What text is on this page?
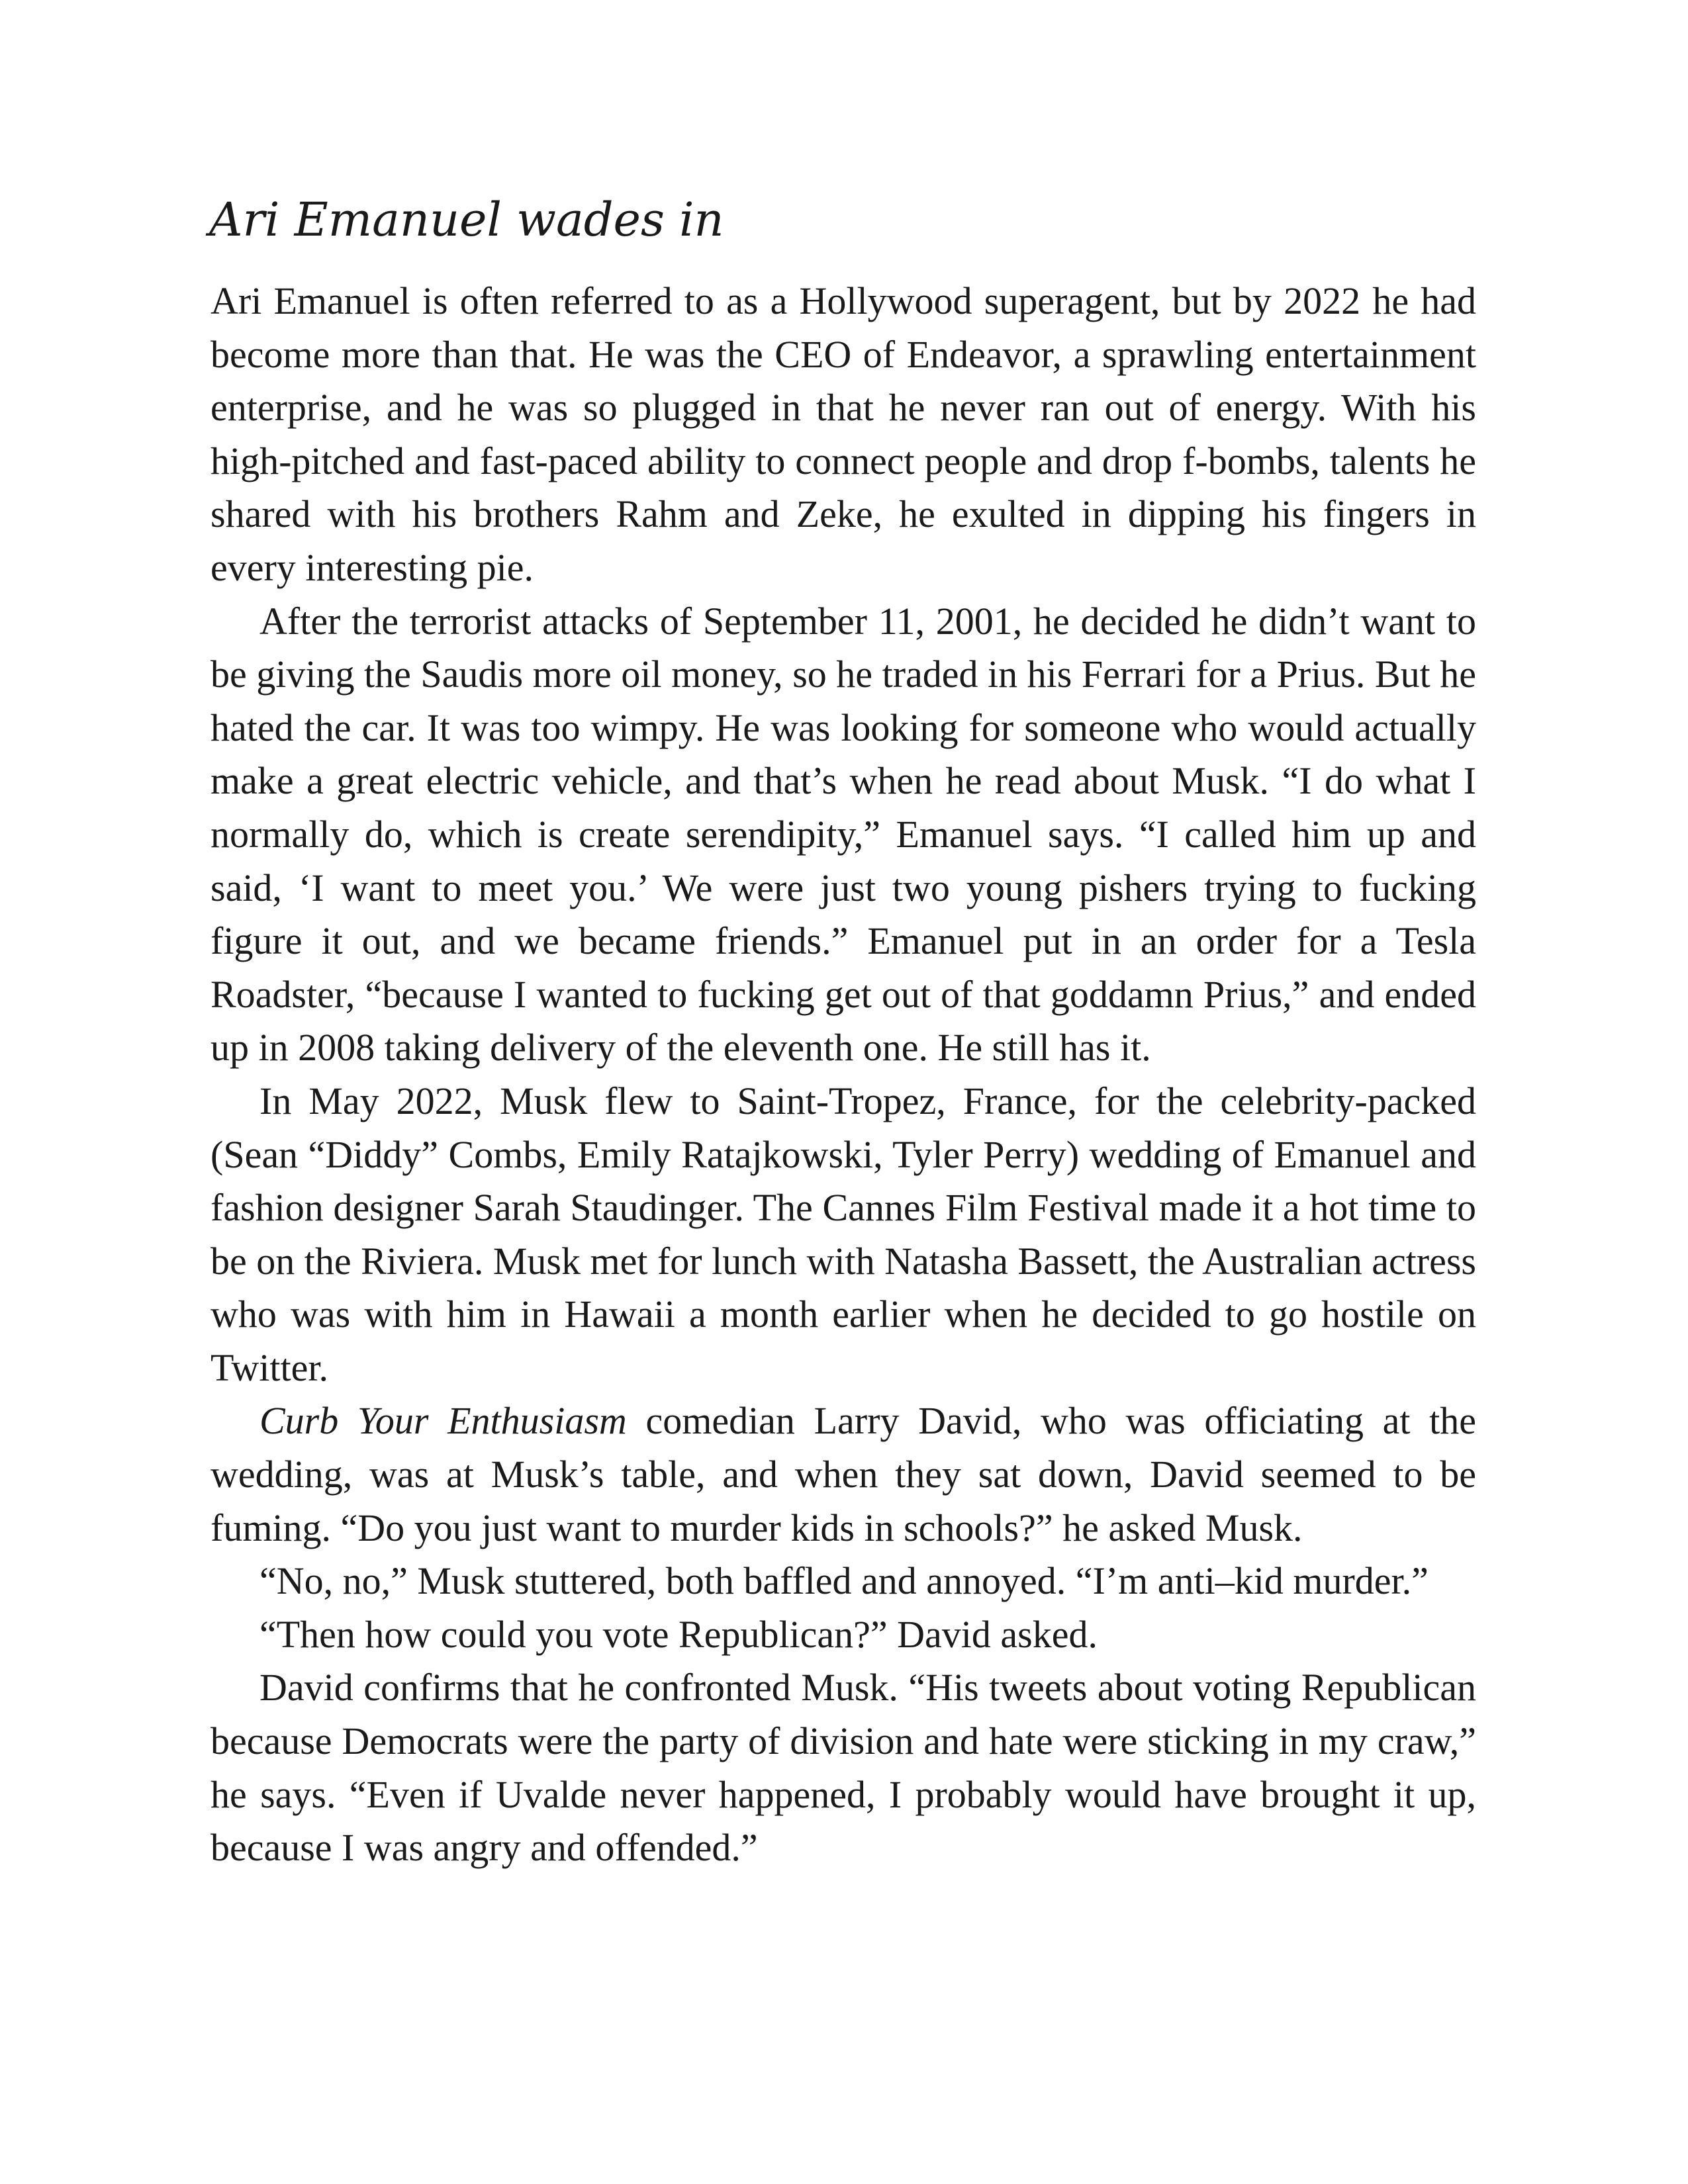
Ari Emanuel wades in

Ari Emanuel is often referred to as a Hollywood superagent, but by 2022 he had become more than that. He was the CEO of Endeavor, a sprawling entertainment enterprise, and he was so plugged in that he never ran out of energy. With his high-pitched and fast-paced ability to connect people and drop f-bombs, talents he shared with his brothers Rahm and Zeke, he exulted in dipping his fingers in every interesting pie.

After the terrorist attacks of September 11, 2001, he decided he didn’t want to be giving the Saudis more oil money, so he traded in his Ferrari for a Prius. But he hated the car. It was too wimpy. He was looking for someone who would actually make a great electric vehicle, and that’s when he read about Musk. “I do what I normally do, which is create serendipity,” Emanuel says. “I called him up and said, ‘I want to meet you.’ We were just two young pishers trying to fucking figure it out, and we became friends.” Emanuel put in an order for a Tesla Roadster, “because I wanted to fucking get out of that goddamn Prius,” and ended up in 2008 taking delivery of the eleventh one. He still has it.

In May 2022, Musk flew to Saint-Tropez, France, for the celebrity-packed (Sean “Diddy” Combs, Emily Ratajkowski, Tyler Perry) wedding of Emanuel and fashion designer Sarah Staudinger. The Cannes Film Festival made it a hot time to be on the Riviera. Musk met for lunch with Natasha Bassett, the Australian actress who was with him in Hawaii a month earlier when he decided to go hostile on Twitter.

Curb Your Enthusiasm comedian Larry David, who was officiating at the wedding, was at Musk’s table, and when they sat down, David seemed to be fuming. “Do you just want to murder kids in schools?” he asked Musk.

“No, no,” Musk stuttered, both baffled and annoyed. “I’m anti–kid murder.”

“Then how could you vote Republican?” David asked.

David confirms that he confronted Musk. “His tweets about voting Republican because Democrats were the party of division and hate were sticking in my craw,” he says. “Even if Uvalde never happened, I probably would have brought it up, because I was angry and offended.”
